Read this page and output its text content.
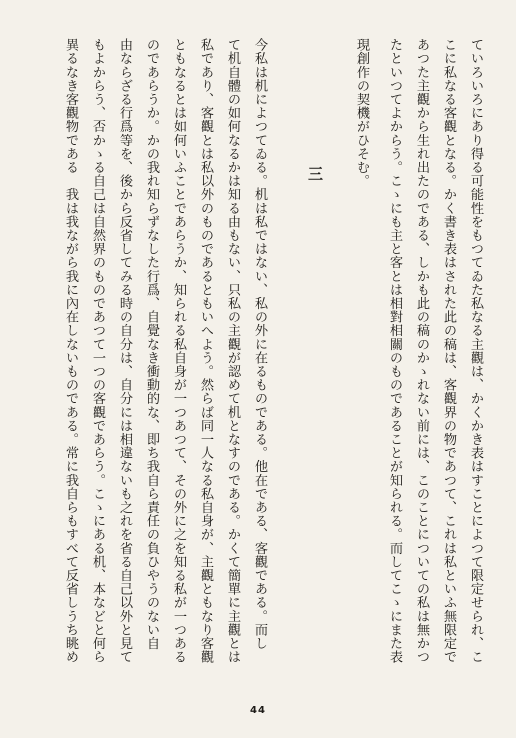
ていろいろにあり得る可能性をもつてゐた私なる主觀は、かくかき表はすことによつて限定せられ、こ
こに私なる客觀となる。かく書き表はされた此の稿は、客觀界の物であつて、これは私といふ無限定で
あつた主觀から生れ出たのである、しかも此の稿のかゝれない前には、このことについての私は無かつ
たといつてよからう。こゝにも主と客とは相對相關のものであることが知られる。而してこゝにまた表
現創作の契機がひそむ。
三
今私は机によつてゐる。机は私ではない、私の外に在るものである。他在である、客觀である。而し
て机自體の如何なるかは知る由もない、只私の主觀が認めて机となすのである。かくて簡單に主觀とは
私であり、客觀とは私以外のものであるともいへよう。然らば同一人なる私自身が、主觀ともなり客觀
ともなるとは如何いふことであらうか、知られる私自身が一つあつて、その外に之を知る私が一つある
のであらうか。かの我れ知らずなした行爲、自覺なき衝動的な、即ち我自ら責任の負ひやうのない自
由ならざる行爲等を、後から反省してみる時の自分は、自分には相違ないも之れを省る自己以外と見て
もよからう、否かゝる自己は自然界のものであつて一つの客觀であらう。こゝにある机、本などと何ら
異るなき客觀物である　我は我ながら我に內在しないものである。常に我自らもすべて反省しうち眺め
44
